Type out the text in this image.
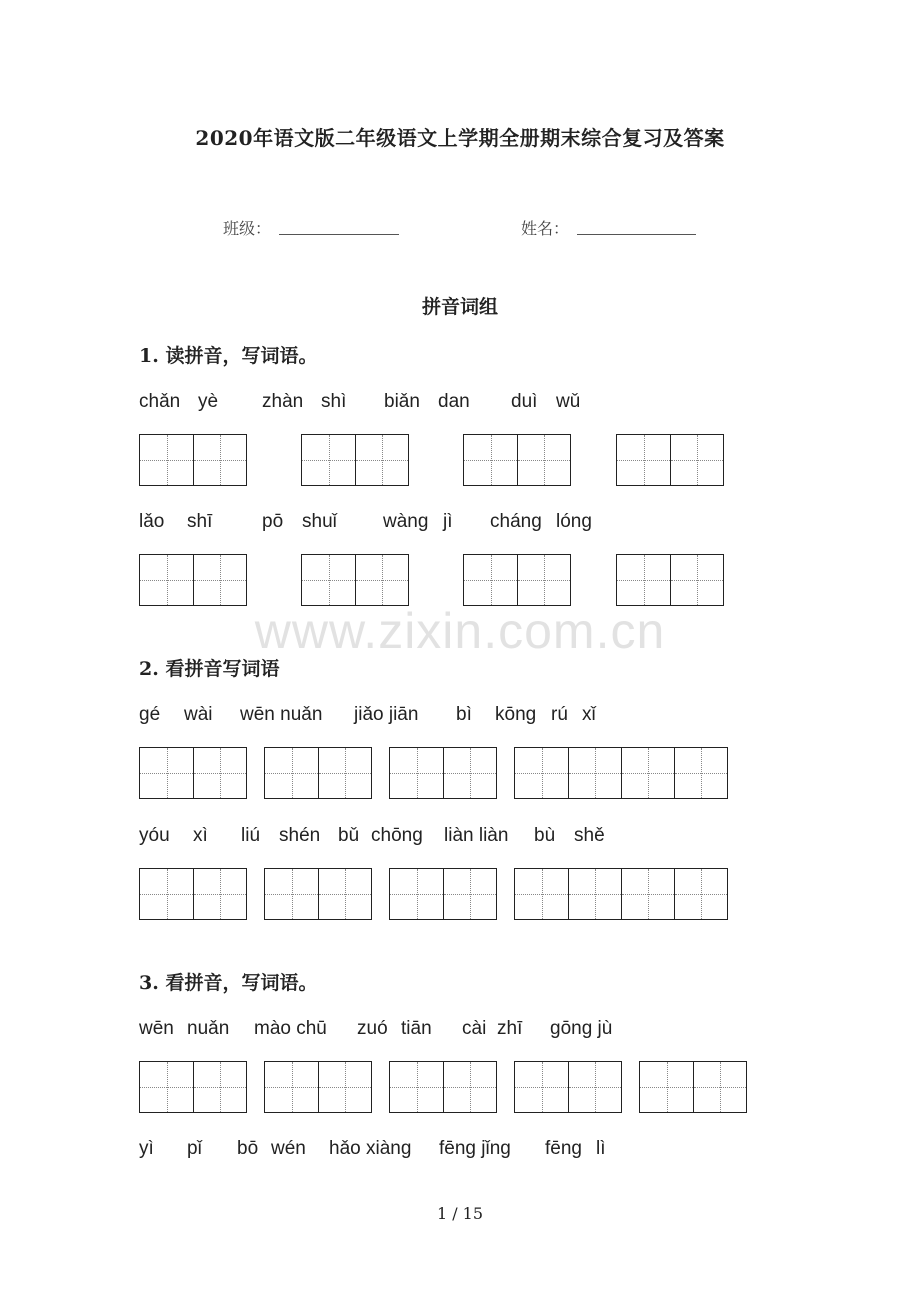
2020年语文版二年级语文上学期全册期末综合复习及答案
班级：	姓名：
拼音词组
www.zixin.com.cn
1. 读拼音，写词语。
chǎn yè zhàn shì biǎn dan duì wǔ
lǎo shī	pō shuǐ wàng jì cháng lóng
2. 看拼音写词语
gé wài wēn nuǎn jiǎo jiān bì kōng rú xǐ
yóu xì liú shén bǔ chōng liàn liàn bù shě
3. 看拼音，写词语。
wēn nuǎn mào chū zuó tiān cài zhī gōng jù
yì pǐ bō wén hǎo xiàng fēng jǐng fēng lì
1 / 15
